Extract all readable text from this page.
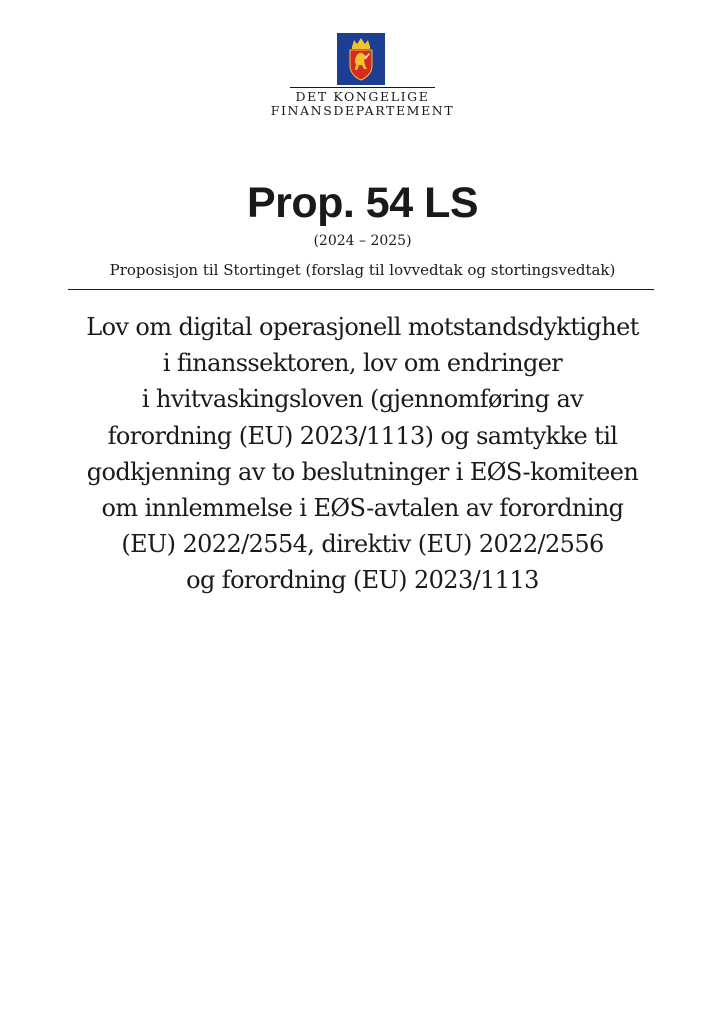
DET KONGELIGE
FINANSDEPARTEMENT
Prop. 54 LS
(2024 – 2025)
Proposisjon til Stortinget (forslag til lovvedtak og stortingsvedtak)
Lov om digital operasjonell motstandsdyktighet
i finanssektoren, lov om endringer
i hvitvaskingsloven (gjennomføring av
forordning (EU) 2023/1113) og samtykke til
godkjenning av to beslutninger i EØS-komiteen
om innlemmelse i EØS-avtalen av forordning
(EU) 2022/2554, direktiv (EU) 2022/2556
og forordning (EU) 2023/1113
